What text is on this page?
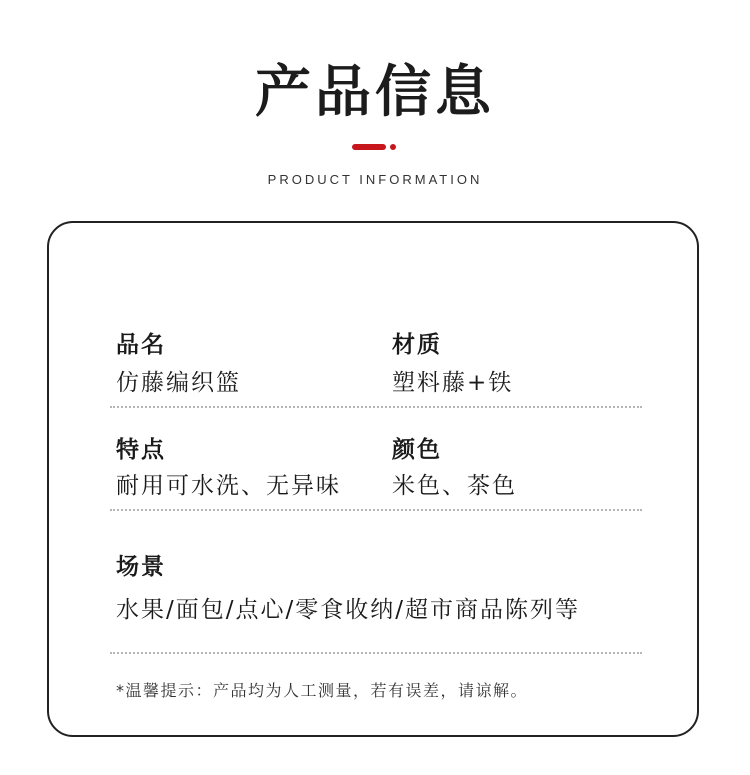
产品信息
PRODUCT INFORMATION
品名
仿藤编织篮
材质
塑料藤+铁
特点
耐用可水洗、无异味
颜色
米色、茶色
场景
水果/面包/点心/零食收纳/超市商品陈列等
*温馨提示：产品均为人工测量，若有误差，请谅解。
